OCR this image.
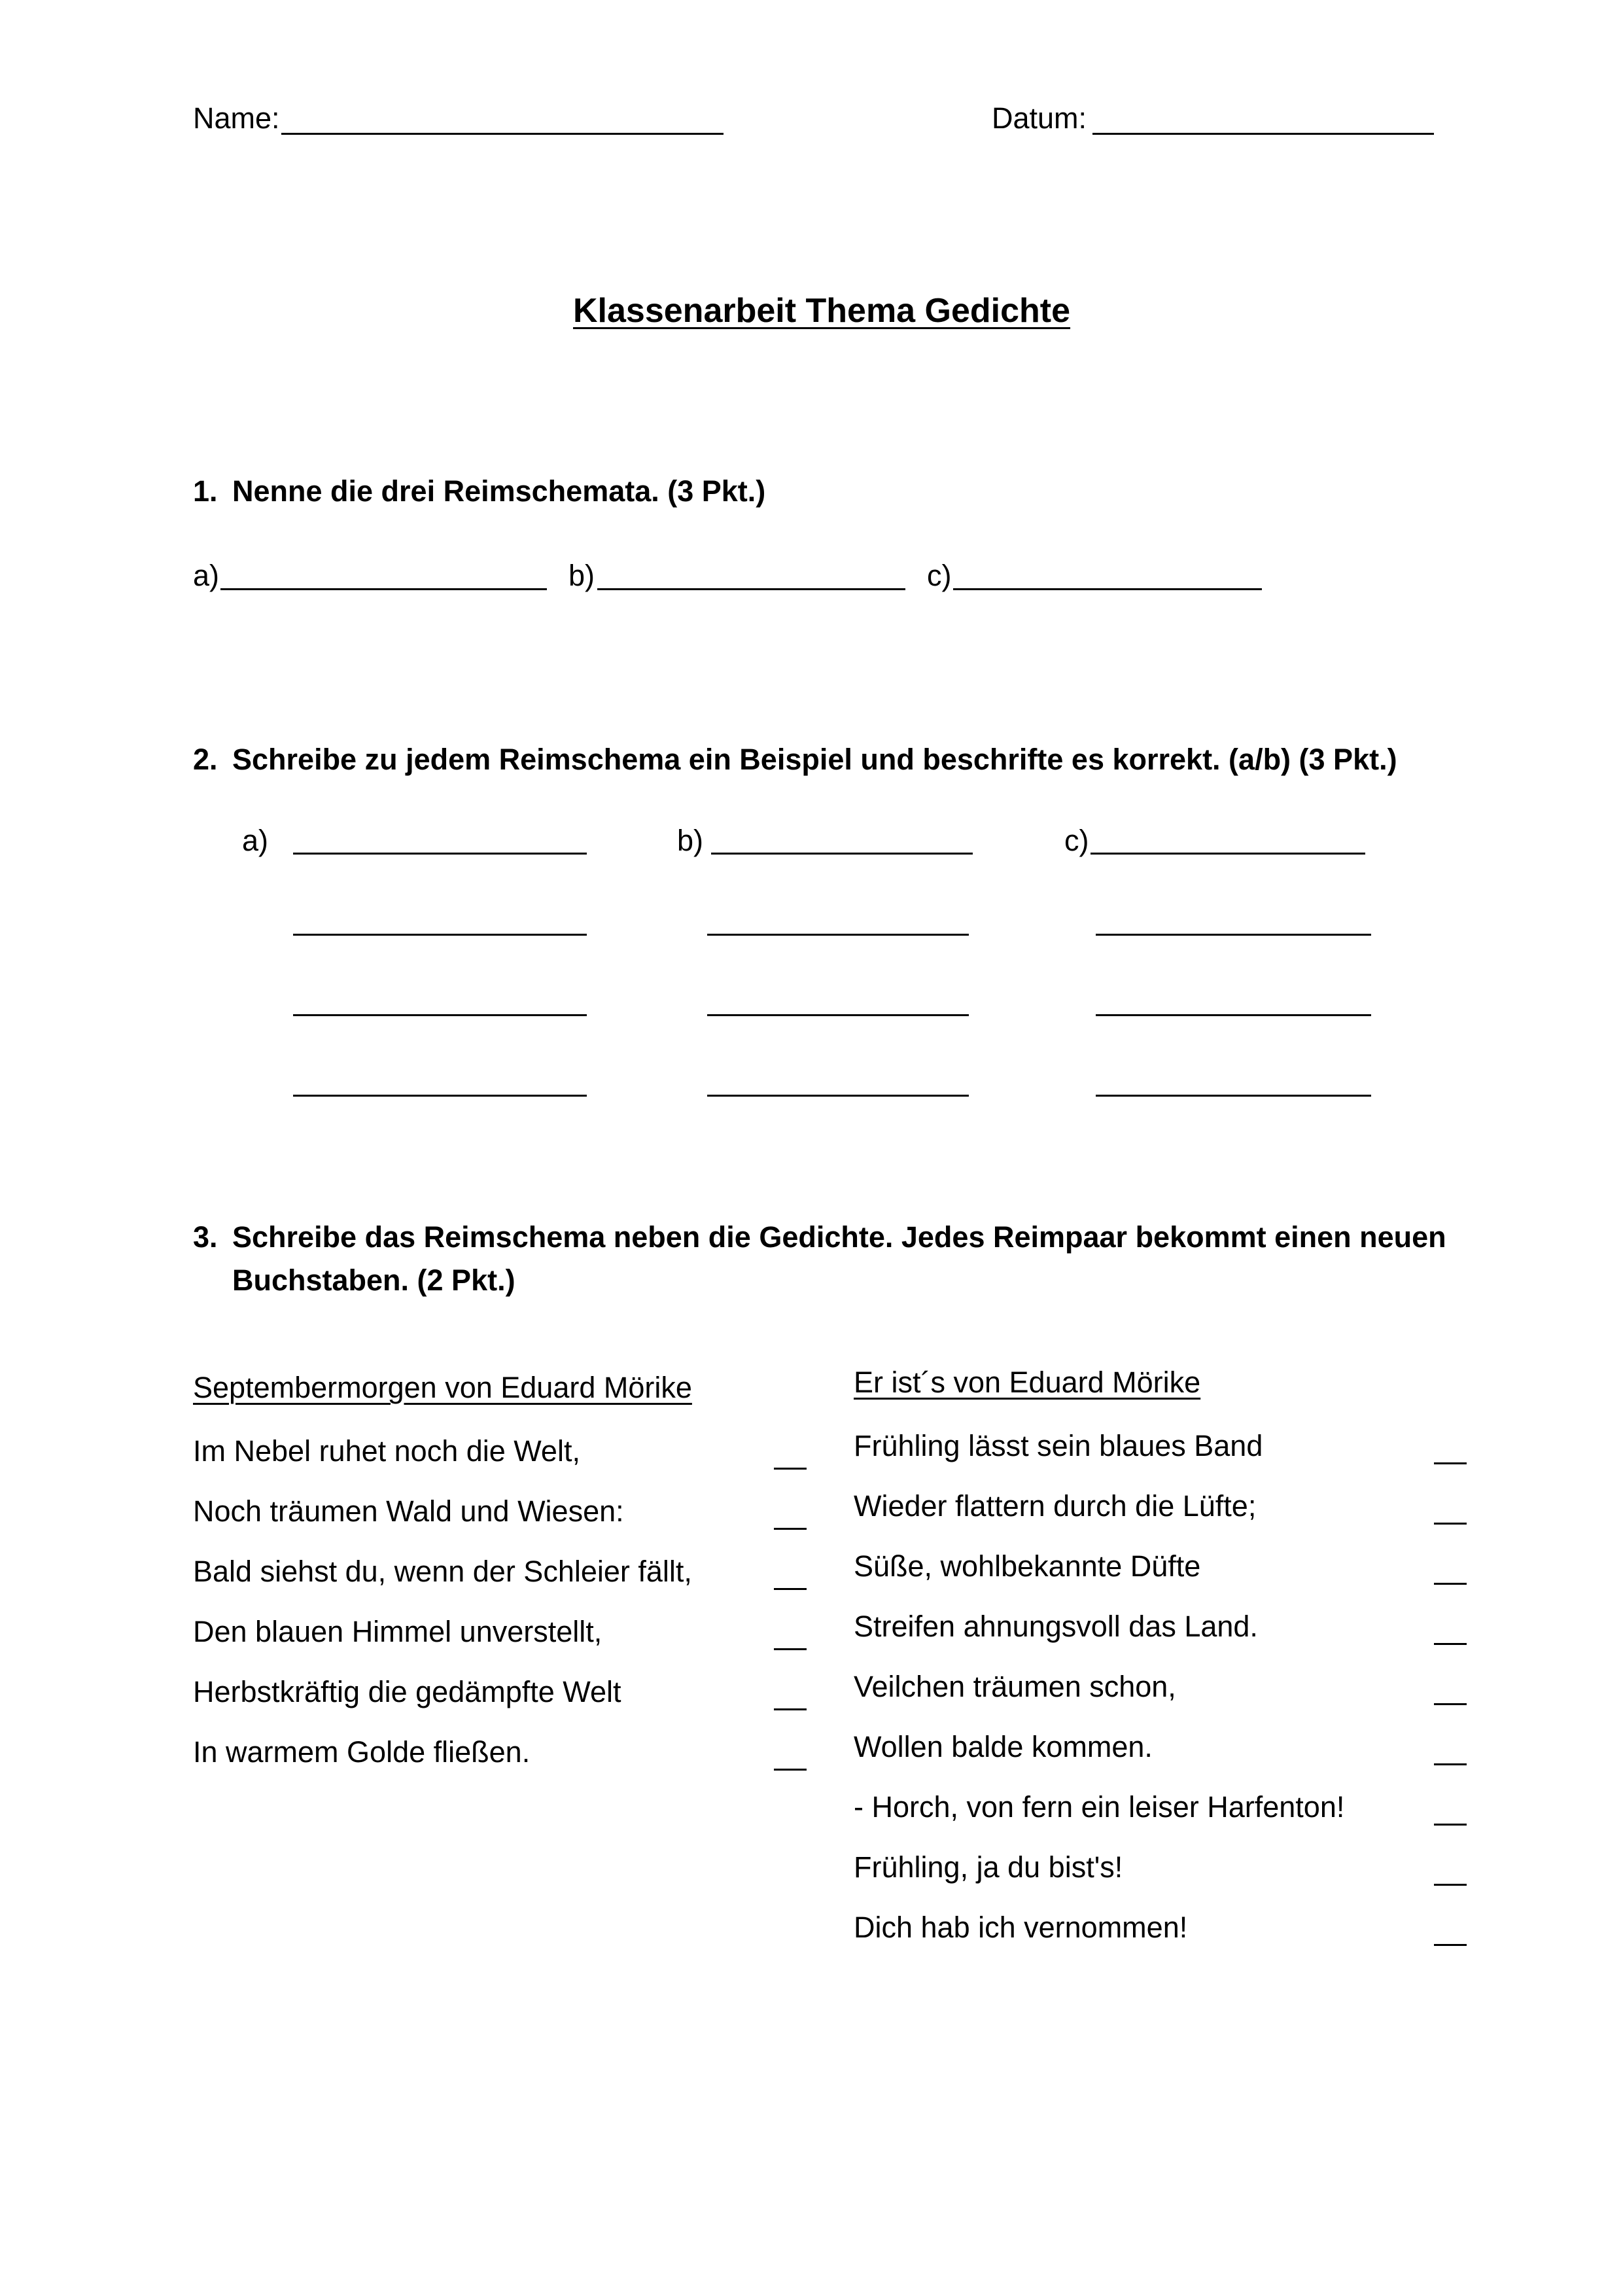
Name:	Datum:
Klassenarbeit Thema Gedichte
1. Nenne die drei Reimschemata. (3 Pkt.)
a)	b)	c)
2. Schreibe zu jedem Reimschema ein Beispiel und beschrifte es korrekt. (a/b) (3 Pkt.)
a)	b)	c)
3. Schreibe das Reimschema neben die Gedichte. Jedes Reimpaar bekommt einen neuen
Buchstaben. (2 Pkt.)
Septembermorgen von Eduard Mörike
Im Nebel ruhet noch die Welt,
Noch träumen Wald und Wiesen:
Bald siehst du, wenn der Schleier fällt,
Den blauen Himmel unverstellt,
Herbstkräftig die gedämpfte Welt
In warmem Golde fließen.
Er ist´s von Eduard Mörike
Frühling lässt sein blaues Band
Wieder flattern durch die Lüfte;
Süße, wohlbekannte Düfte
Streifen ahnungsvoll das Land.
Veilchen träumen schon,
Wollen balde kommen.
- Horch, von fern ein leiser Harfenton!
Frühling, ja du bist's!
Dich hab ich vernommen!
